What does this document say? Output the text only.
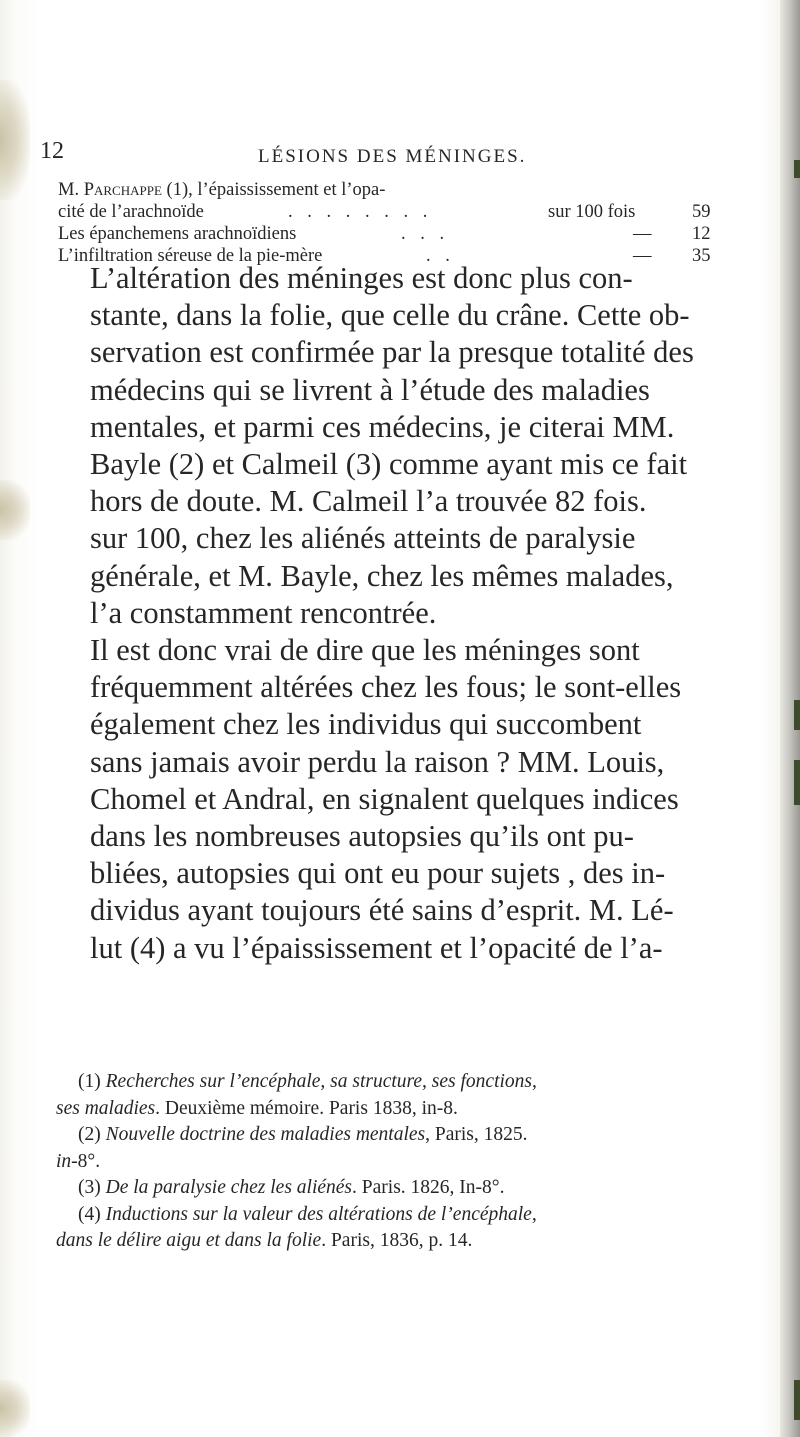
12	LÉSIONS DES MÉNINGES.
M. Parchappe (1), l’épaississement et l’opa-
cité de l’arachnoïde	. . . . . . . .	sur 100 fois	59
Les épanchemens arachnoïdiens	. . .	— 12
L’infiltration séreuse de la pie-mère	. .	— 35

L’altération des méninges est donc plus con-
stante, dans la folie, que celle du crâne. Cette ob-
servation est confirmée par la presque totalité des
médecins qui se livrent à l’étude des maladies
mentales, et parmi ces médecins, je citerai MM.
Bayle (2) et Calmeil (3) comme ayant mis ce fait
hors de doute. M. Calmeil l’a trouvée 82 fois.
sur 100, chez les aliénés atteints de paralysie
générale, et M. Bayle, chez les mêmes malades,
l’a constamment rencontrée.

Il est donc vrai de dire que les méninges sont
fréquemment altérées chez les fous; le sont-elles
également chez les individus qui succombent
sans jamais avoir perdu la raison ? MM. Louis,
Chomel et Andral, en signalent quelques indices
dans les nombreuses autopsies qu’ils ont pu-
bliées, autopsies qui ont eu pour sujets , des in-
dividus ayant toujours été sains d’esprit. M. Lé-
lut (4) a vu l’épaississement et l’opacité de l’a-

(1) Recherches sur l’encéphale, sa structure, ses fonctions,
ses maladies. Deuxième mémoire. Paris 1838, in-8.
(2) Nouvelle doctrine des maladies mentales, Paris, 1825.
in-8°.
(3) De la paralysie chez les aliénés. Paris. 1826, In-8°.
(4) Inductions sur la valeur des altérations de l’encéphale,
dans le délire aigu et dans la folie. Paris, 1836, p. 14.
